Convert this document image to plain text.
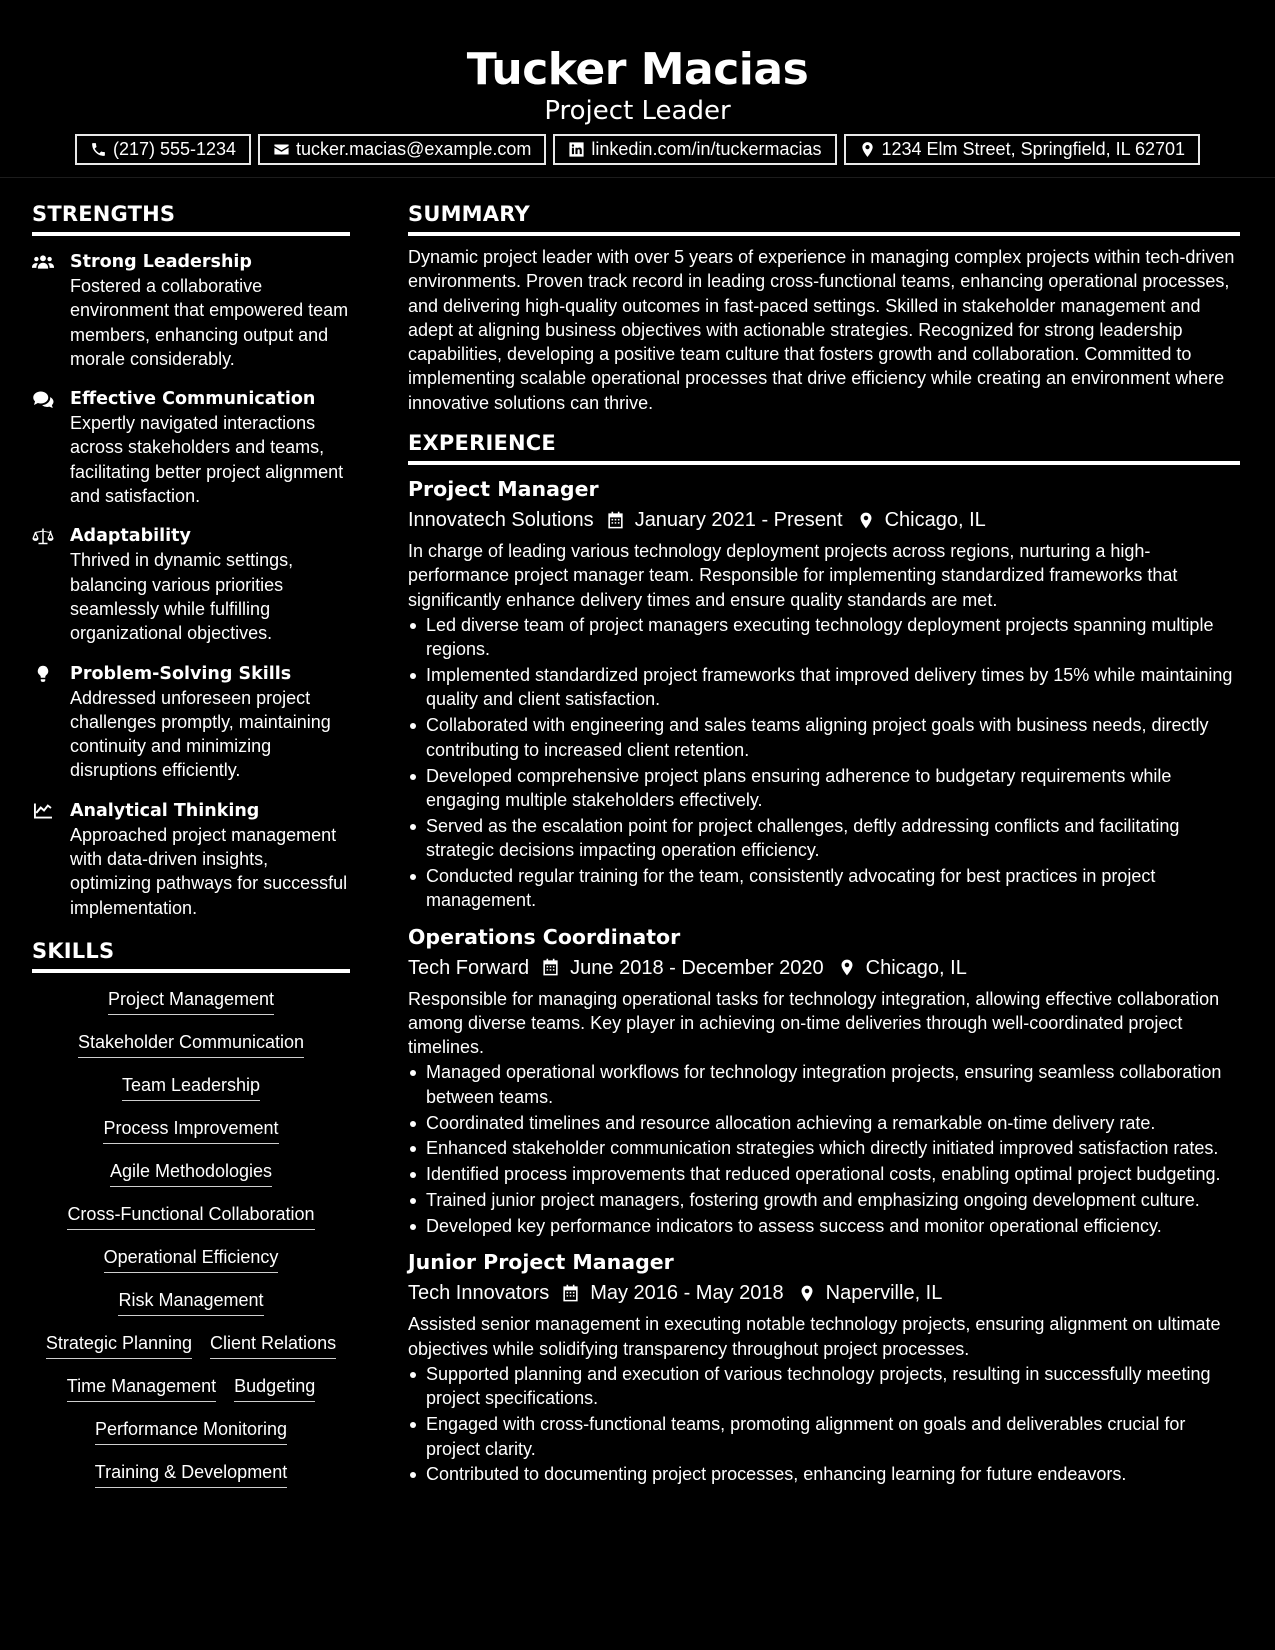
Tucker Macias
Project Leader
(217) 555-1234	tucker.macias@example.com	linkedin.com/in/tuckermacias	1234 Elm Street, Springfield, IL 62701
STRENGTHS
Strong Leadership
Fostered a collaborative environment that empowered team members, enhancing output and morale considerably.
Effective Communication
Expertly navigated interactions across stakeholders and teams, facilitating better project alignment and satisfaction.
Adaptability
Thrived in dynamic settings, balancing various priorities seamlessly while fulfilling organizational objectives.
Problem-Solving Skills
Addressed unforeseen project challenges promptly, maintaining continuity and minimizing disruptions efficiently.
Analytical Thinking
Approached project management with data-driven insights, optimizing pathways for successful implementation.
SKILLS
Project Management
Stakeholder Communication
Team Leadership
Process Improvement
Agile Methodologies
Cross-Functional Collaboration
Operational Efficiency
Risk Management
Strategic Planning Client Relations
Time Management Budgeting
Performance Monitoring
Training & Development
SUMMARY
Dynamic project leader with over 5 years of experience in managing complex projects within tech-driven environments. Proven track record in leading cross-functional teams, enhancing operational processes, and delivering high-quality outcomes in fast-paced settings. Skilled in stakeholder management and adept at aligning business objectives with actionable strategies. Recognized for strong leadership capabilities, developing a positive team culture that fosters growth and collaboration. Committed to implementing scalable operational processes that drive efficiency while creating an environment where innovative solutions can thrive.
EXPERIENCE
Project Manager
Innovatech Solutions January 2021 - Present Chicago, IL
In charge of leading various technology deployment projects across regions, nurturing a high-performance project manager team. Responsible for implementing standardized frameworks that significantly enhance delivery times and ensure quality standards are met.
Led diverse team of project managers executing technology deployment projects spanning multiple regions.
Implemented standardized project frameworks that improved delivery times by 15% while maintaining quality and client satisfaction.
Collaborated with engineering and sales teams aligning project goals with business needs, directly contributing to increased client retention.
Developed comprehensive project plans ensuring adherence to budgetary requirements while engaging multiple stakeholders effectively.
Served as the escalation point for project challenges, deftly addressing conflicts and facilitating strategic decisions impacting operation efficiency.
Conducted regular training for the team, consistently advocating for best practices in project management.
Operations Coordinator
Tech Forward June 2018 - December 2020 Chicago, IL
Responsible for managing operational tasks for technology integration, allowing effective collaboration among diverse teams. Key player in achieving on-time deliveries through well-coordinated project timelines.
Managed operational workflows for technology integration projects, ensuring seamless collaboration between teams.
Coordinated timelines and resource allocation achieving a remarkable on-time delivery rate.
Enhanced stakeholder communication strategies which directly initiated improved satisfaction rates.
Identified process improvements that reduced operational costs, enabling optimal project budgeting.
Trained junior project managers, fostering growth and emphasizing ongoing development culture.
Developed key performance indicators to assess success and monitor operational efficiency.
Junior Project Manager
Tech Innovators May 2016 - May 2018 Naperville, IL
Assisted senior management in executing notable technology projects, ensuring alignment on ultimate objectives while solidifying transparency throughout project processes.
Supported planning and execution of various technology projects, resulting in successfully meeting project specifications.
Engaged with cross-functional teams, promoting alignment on goals and deliverables crucial for project clarity.
Contributed to documenting project processes, enhancing learning for future endeavors.
